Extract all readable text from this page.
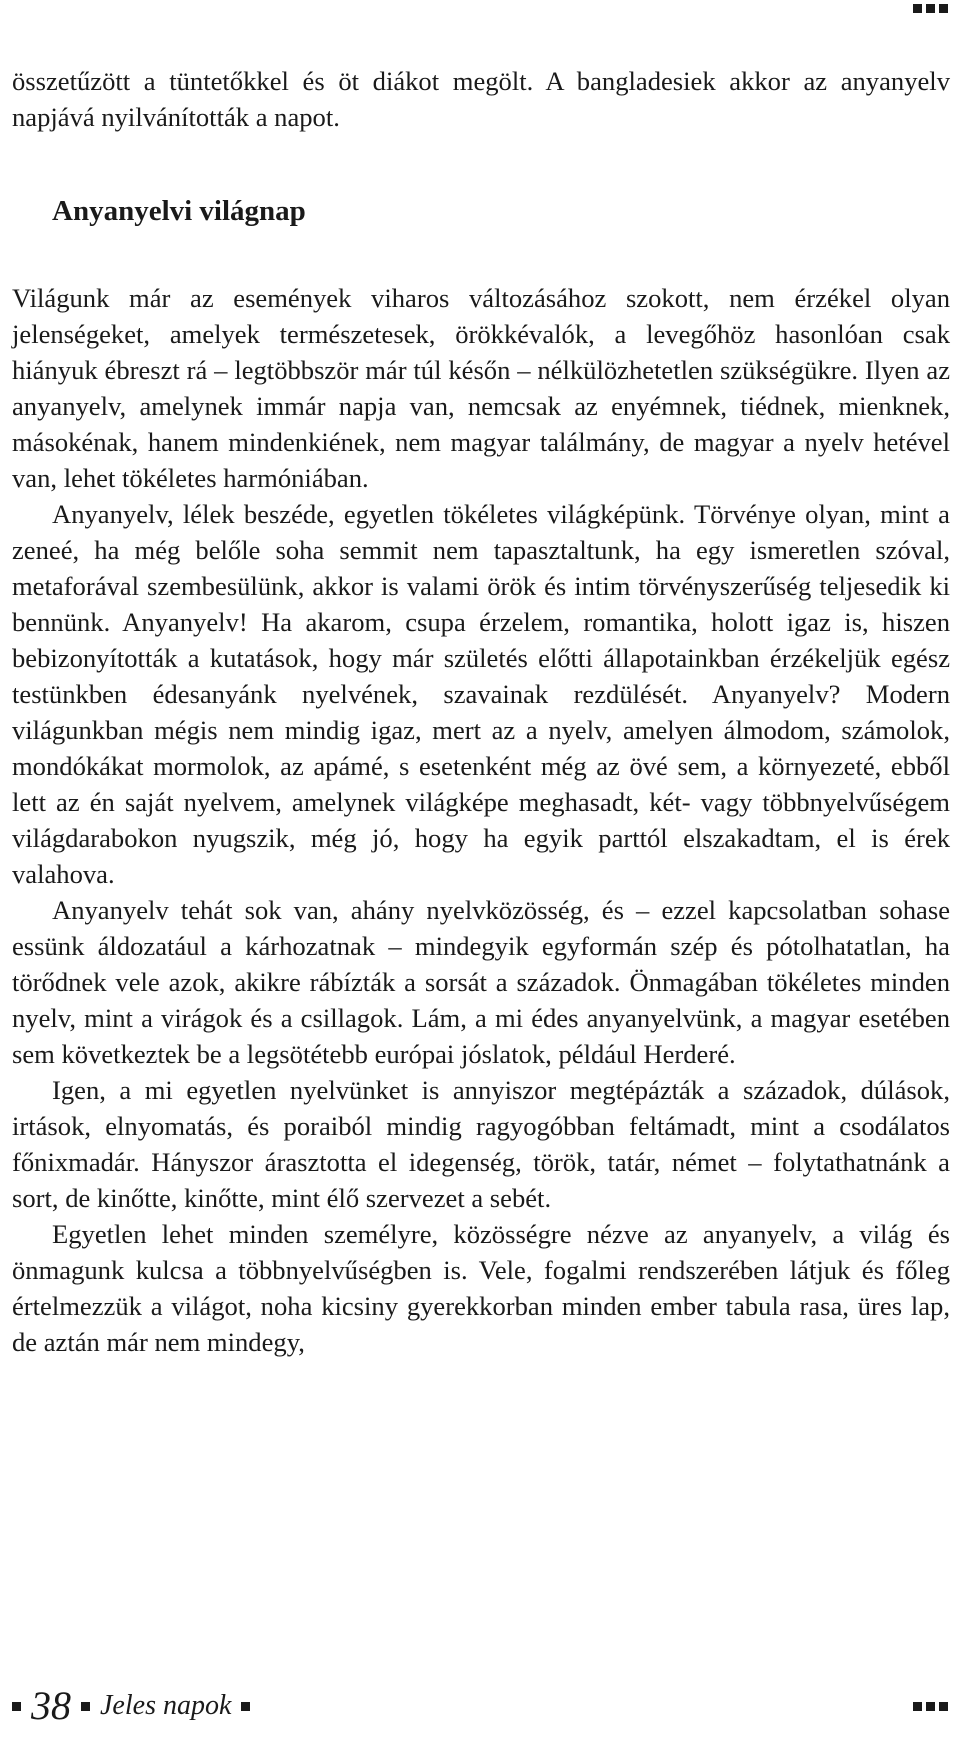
összetűzött a tüntetőkkel és öt diákot megölt. A bangladesiek akkor az anyanyelv napjává nyilvánították a napot.

Anyanyelvi világnap

Világunk már az események viharos változásához szokott, nem érzékel olyan jelenségeket, amelyek természetesek, örökkévalók, a levegőhöz hasonlóan csak hiányuk ébreszt rá – legtöbbször már túl későn – nélkülözhetetlen szükségükre. Ilyen az anyanyelv, amelynek immár napja van, nemcsak az enyémnek, tiédnek, mienknek, másokénak, hanem mindenkiének, nem magyar találmány, de magyar a nyelv hetével van, lehet tökéletes harmóniában.

Anyanyelv, lélek beszéde, egyetlen tökéletes világképünk. Törvénye olyan, mint a zeneé, ha még belőle soha semmit nem tapasztaltunk, ha egy ismeretlen szóval, metaforával szembesülünk, akkor is valami örök és intim törvényszerűség teljesedik ki bennünk. Anyanyelv! Ha akarom, csupa érzelem, romantika, holott igaz is, hiszen bebizonyították a kutatások, hogy már születés előtti állapotainkban érzékeljük egész testünkben édesanyánk nyelvének, szavainak rezdülését. Anyanyelv? Modern világunkban mégis nem mindig igaz, mert az a nyelv, amelyen álmodom, számolok, mondókákat mormolok, az apámé, s esetenként még az övé sem, a környezeté, ebből lett az én saját nyelvem, amelynek világképe meghasadt, két- vagy többnyelvűségem világdarabokon nyugszik, még jó, hogy ha egyik parttól elszakadtam, el is érek valahova.

Anyanyelv tehát sok van, ahány nyelvközösség, és – ezzel kapcsolatban sohase essünk áldozatául a kárhozatnak – mindegyik egyformán szép és pótolhatatlan, ha törődnek vele azok, akikre rábízták a sorsát a századok. Önmagában tökéletes minden nyelv, mint a virágok és a csillagok. Lám, a mi édes anyanyelvünk, a magyar esetében sem következtek be a legsötétebb európai jóslatok, például Herderé.

Igen, a mi egyetlen nyelvünket is annyiszor megtépázták a századok, dúlások, irtások, elnyomatás, és poraiból mindig ragyogóbban feltámadt, mint a csodálatos főnixmadár. Hányszor árasztotta el idegenség, török, tatár, német – folytathatnánk a sort, de kinőtte, kinőtte, mint élő szervezet a sebét.

Egyetlen lehet minden személyre, közösségre nézve az anyanyelv, a világ és önmagunk kulcsa a többnyelvűségben is. Vele, fogalmi rendszerében látjuk és főleg értelmezzük a világot, noha kicsiny gyerekkorban minden ember tabula rasa, üres lap, de aztán már nem mindegy,

38 Jeles napok
